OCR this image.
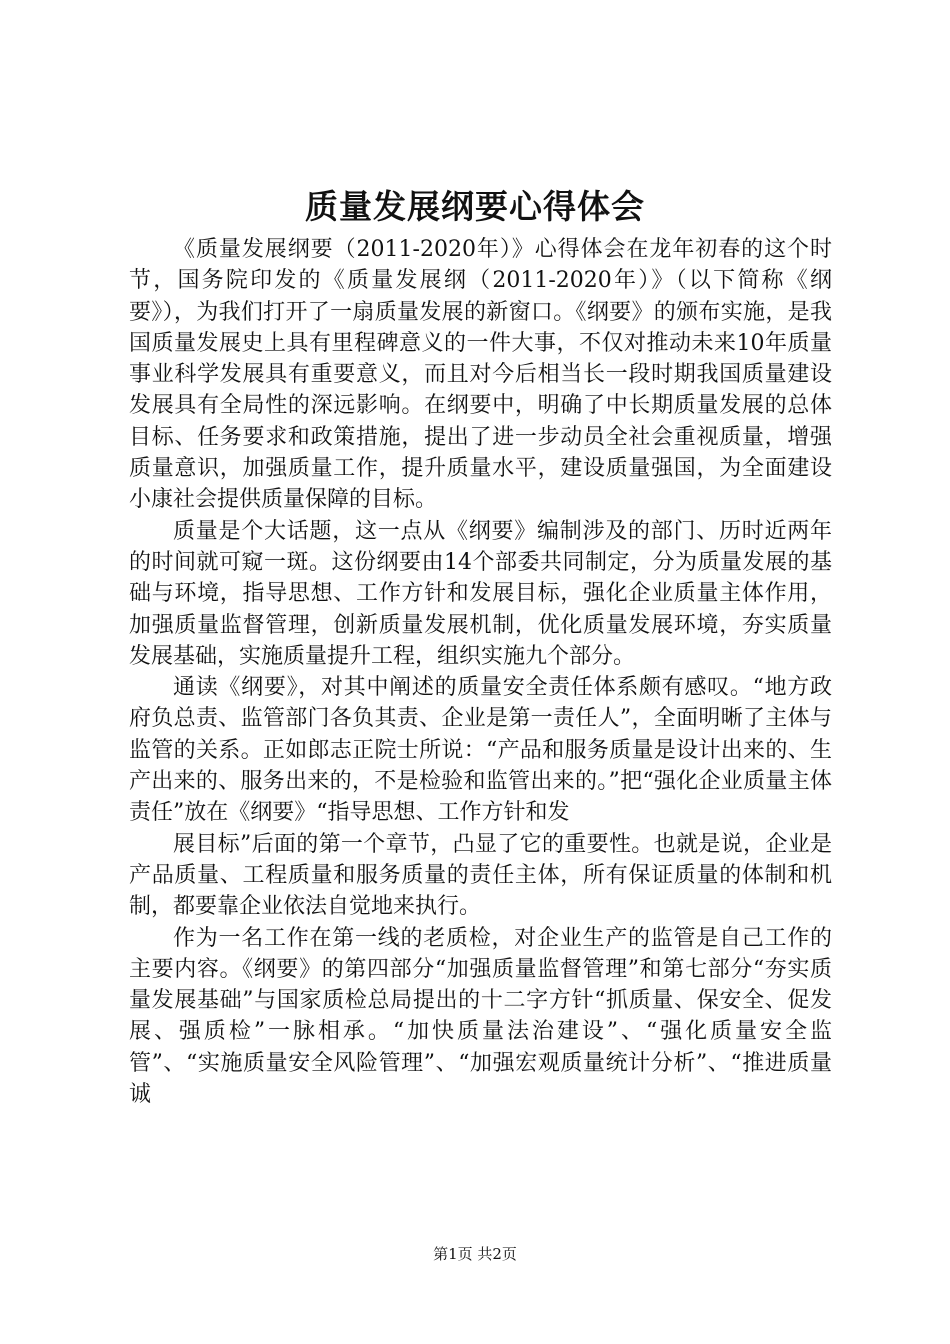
质量发展纲要心得体会

《质量发展纲要（2011-2020年）》心得体会在龙年初春的这个时节，国务院印发的《质量发展纲（2011-2020年）》（以下简称《纲要》），为我们打开了一扇质量发展的新窗口。《纲要》的颁布实施，是我国质量发展史上具有里程碑意义的一件大事，不仅对推动未来10年质量事业科学发展具有重要意义，而且对今后相当长一段时期我国质量建设发展具有全局性的深远影响。在纲要中，明确了中长期质量发展的总体目标、任务要求和政策措施，提出了进一步动员全社会重视质量，增强质量意识，加强质量工作，提升质量水平，建设质量强国，为全面建设小康社会提供质量保障的目标。

质量是个大话题，这一点从《纲要》编制涉及的部门、历时近两年的时间就可窥一斑。这份纲要由14个部委共同制定，分为质量发展的基础与环境，指导思想、工作方针和发展目标，强化企业质量主体作用，加强质量监督管理，创新质量发展机制，优化质量发展环境，夯实质量发展基础，实施质量提升工程，组织实施九个部分。

通读《纲要》，对其中阐述的质量安全责任体系颇有感叹。“地方政府负总责、监管部门各负其责、企业是第一责任人”，全面明晰了主体与监管的关系。正如郎志正院士所说：“产品和服务质量是设计出来的、生产出来的、服务出来的，不是检验和监管出来的。”把“强化企业质量主体责任”放在《纲要》“指导思想、工作方针和发

展目标”后面的第一个章节，凸显了它的重要性。也就是说，企业是产品质量、工程质量和服务质量的责任主体，所有保证质量的体制和机制，都要靠企业依法自觉地来执行。

作为一名工作在第一线的老质检，对企业生产的监管是自己工作的主要内容。《纲要》的第四部分“加强质量监督管理”和第七部分“夯实质量发展基础”与国家质检总局提出的十二字方针“抓质量、保安全、促发展、强质检”一脉相承。“加快质量法治建设”、“强化质量安全监管”、“实施质量安全风险管理”、“加强宏观质量统计分析”、“推进质量诚

第1页 共2页
